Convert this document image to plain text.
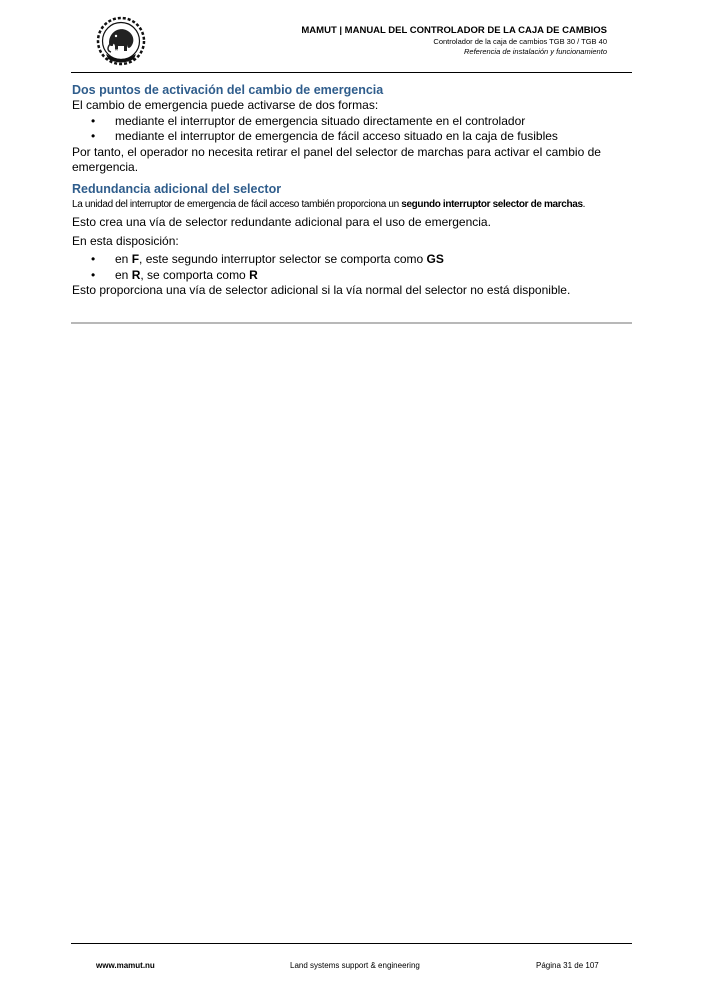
MAMUT | MANUAL DEL CONTROLADOR DE LA CAJA DE CAMBIOS
Controlador de la caja de cambios TGB 30 / TGB 40
Referencia de instalación y funcionamiento
Dos puntos de activación del cambio de emergencia

El cambio de emergencia puede activarse de dos formas:

• mediante el interruptor de emergencia situado directamente en el controlador
• mediante el interruptor de emergencia de fácil acceso situado en la caja de fusibles

Por tanto, el operador no necesita retirar el panel del selector de marchas para activar el cambio de emergencia.

Redundancia adicional del selector

La unidad del interruptor de emergencia de fácil acceso también proporciona un segundo interruptor selector de marchas.

Esto crea una vía de selector redundante adicional para el uso de emergencia.

En esta disposición:

• en F, este segundo interruptor selector se comporta como GS
• en R, se comporta como R

Esto proporciona una vía de selector adicional si la vía normal del selector no está disponible.

www.mamut.nu	Land systems support & engineering	Página 31 de 107
